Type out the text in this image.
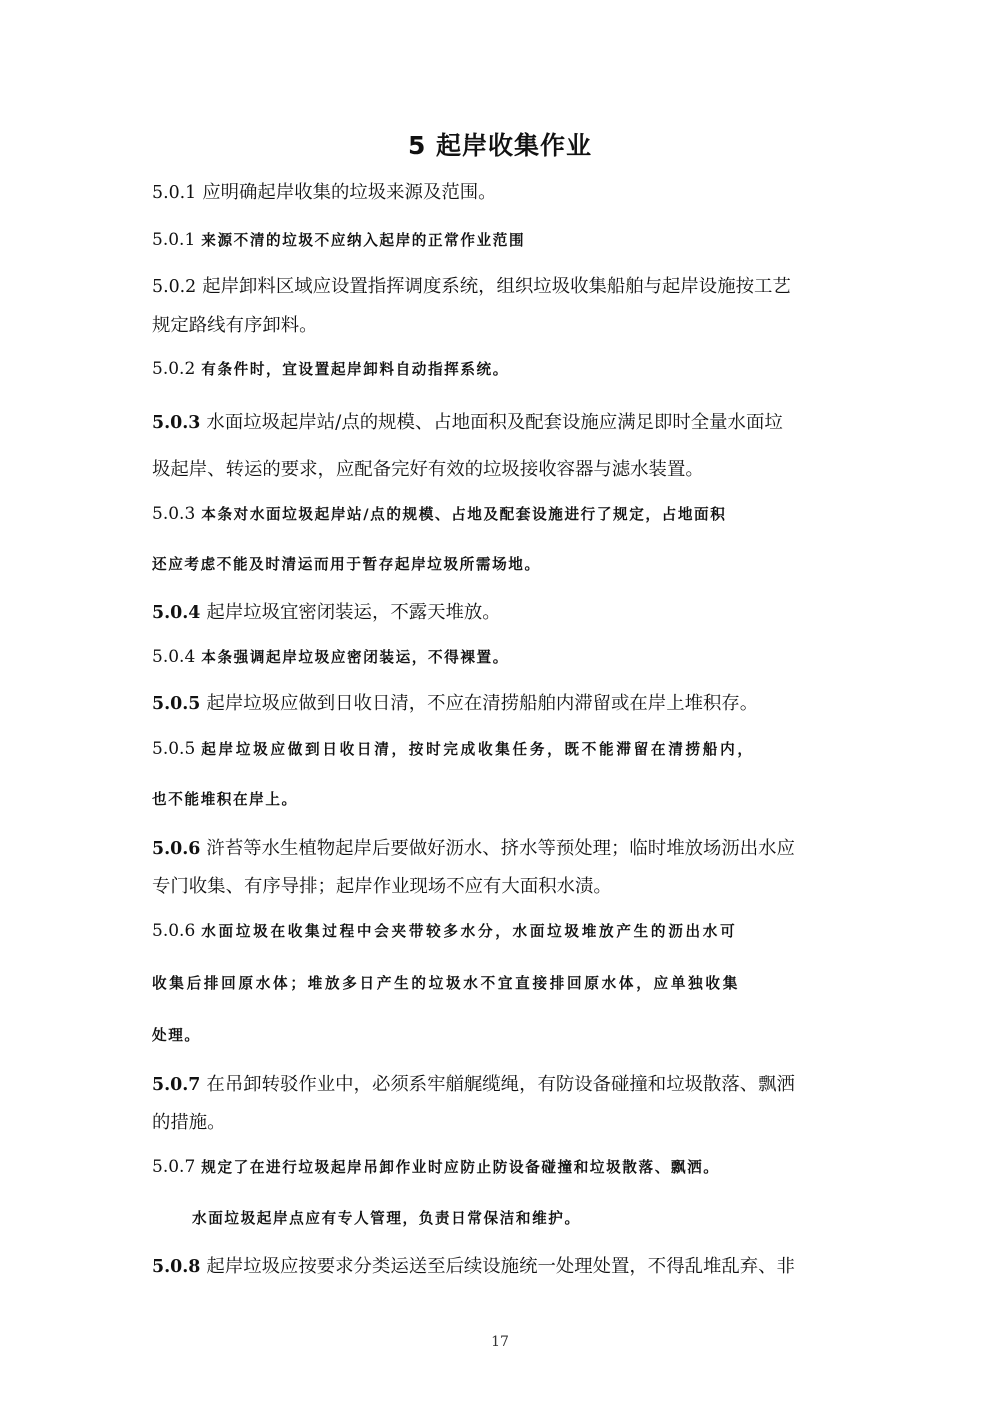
5 起岸收集作业
5.0.1 应明确起岸收集的垃圾来源及范围。
5.0.1 来源不清的垃圾不应纳入起岸的正常作业范围
5.0.2 起岸卸料区域应设置指挥调度系统，组织垃圾收集船舶与起岸设施按工艺
规定路线有序卸料。
5.0.2 有条件时，宜设置起岸卸料自动指挥系统。
5.0.3 水面垃圾起岸站/点的规模、占地面积及配套设施应满足即时全量水面垃
圾起岸、转运的要求，应配备完好有效的垃圾接收容器与滤水装置。
5.0.3 本条对水面垃圾起岸站/点的规模、占地及配套设施进行了规定，占地面积
还应考虑不能及时清运而用于暂存起岸垃圾所需场地。
5.0.4 起岸垃圾宜密闭装运，不露天堆放。
5.0.4 本条强调起岸垃圾应密闭装运，不得裸置。
5.0.5 起岸垃圾应做到日收日清，不应在清捞船舶内滞留或在岸上堆积存。
5.0.5 起岸垃圾应做到日收日清，按时完成收集任务，既不能滞留在清捞船内，
也不能堆积在岸上。
5.0.6 浒苔等水生植物起岸后要做好沥水、挤水等预处理；临时堆放场沥出水应
专门收集、有序导排；起岸作业现场不应有大面积水渍。
5.0.6 水面垃圾在收集过程中会夹带较多水分，水面垃圾堆放产生的沥出水可
收集后排回原水体；堆放多日产生的垃圾水不宜直接排回原水体，应单独收集
处理。
5.0.7 在吊卸转驳作业中，必须系牢艏艉缆绳，有防设备碰撞和垃圾散落、飘洒
的措施。
5.0.7 规定了在进行垃圾起岸吊卸作业时应防止防设备碰撞和垃圾散落、飘洒。
水面垃圾起岸点应有专人管理，负责日常保洁和维护。
5.0.8 起岸垃圾应按要求分类运送至后续设施统一处理处置，不得乱堆乱弃、非
17
